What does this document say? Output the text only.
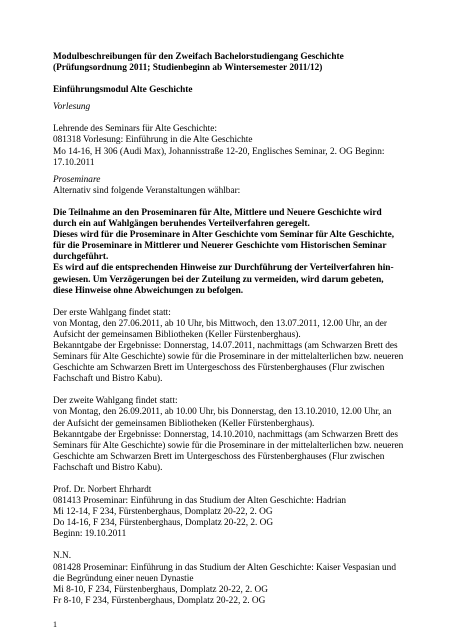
Modulbeschreibungen für den Zweifach Bachelorstudiengang Geschichte
(Prüfungsordnung 2011; Studienbeginn ab Wintersemester 2011/12)
Einführungsmodul Alte Geschichte
Vorlesung
Lehrende des Seminars für Alte Geschichte:
081318 Vorlesung: Einführung in die Alte Geschichte
Mo 14-16, H 306 (Audi Max), Johannisstraße 12-20, Englisches Seminar, 2. OG Beginn:
17.10.2011
Proseminare
Alternativ sind folgende Veranstaltungen wählbar:
Die Teilnahme an den Proseminaren für Alte, Mittlere und Neuere Geschichte wird
durch ein auf Wahlgängen beruhendes Verteilverfahren geregelt.
Dieses wird für die Proseminare in Alter Geschichte vom Seminar für Alte Geschichte,
für die Proseminare in Mittlerer und Neuerer Geschichte vom Historischen Seminar
durchgeführt.
Es wird auf die entsprechenden Hinweise zur Durchführung der Verteilverfahren hin-
gewiesen. Um Verzögerungen bei der Zuteilung zu vermeiden, wird darum gebeten,
diese Hinweise ohne Abweichungen zu befolgen.
Der erste Wahlgang findet statt:
von Montag, den 27.06.2011, ab 10 Uhr, bis Mittwoch, den 13.07.2011, 12.00 Uhr, an der
Aufsicht der gemeinsamen Bibliotheken (Keller Fürstenberghaus).
Bekanntgabe der Ergebnisse: Donnerstag, 14.07.2011, nachmittags (am Schwarzen Brett des
Seminars für Alte Geschichte) sowie für die Proseminare in der mittelalterlichen bzw. neueren
Geschichte am Schwarzen Brett im Untergeschoss des Fürstenberghauses (Flur zwischen
Fachschaft und Bistro Kabu).
Der zweite Wahlgang findet statt:
von Montag, den 26.09.2011, ab 10.00 Uhr, bis Donnerstag, den 13.10.2010, 12.00 Uhr, an
der Aufsicht der gemeinsamen Bibliotheken (Keller Fürstenberghaus).
Bekanntgabe der Ergebnisse: Donnerstag, 14.10.2010, nachmittags (am Schwarzen Brett des
Seminars für Alte Geschichte) sowie für die Proseminare in der mittelalterlichen bzw. neueren
Geschichte am Schwarzen Brett im Untergeschoss des Fürstenberghauses (Flur zwischen
Fachschaft und Bistro Kabu).
Prof. Dr. Norbert Ehrhardt
081413 Proseminar: Einführung in das Studium der Alten Geschichte: Hadrian
Mi 12-14, F 234, Fürstenberghaus, Domplatz 20-22, 2. OG
Do 14-16, F 234, Fürstenberghaus, Domplatz 20-22, 2. OG
Beginn: 19.10.2011
N.N.
081428 Proseminar: Einführung in das Studium der Alten Geschichte: Kaiser Vespasian und
die Begründung einer neuen Dynastie
Mi 8-10, F 234, Fürstenberghaus, Domplatz 20-22, 2. OG
Fr 8-10, F 234, Fürstenberghaus, Domplatz 20-22, 2. OG
1
